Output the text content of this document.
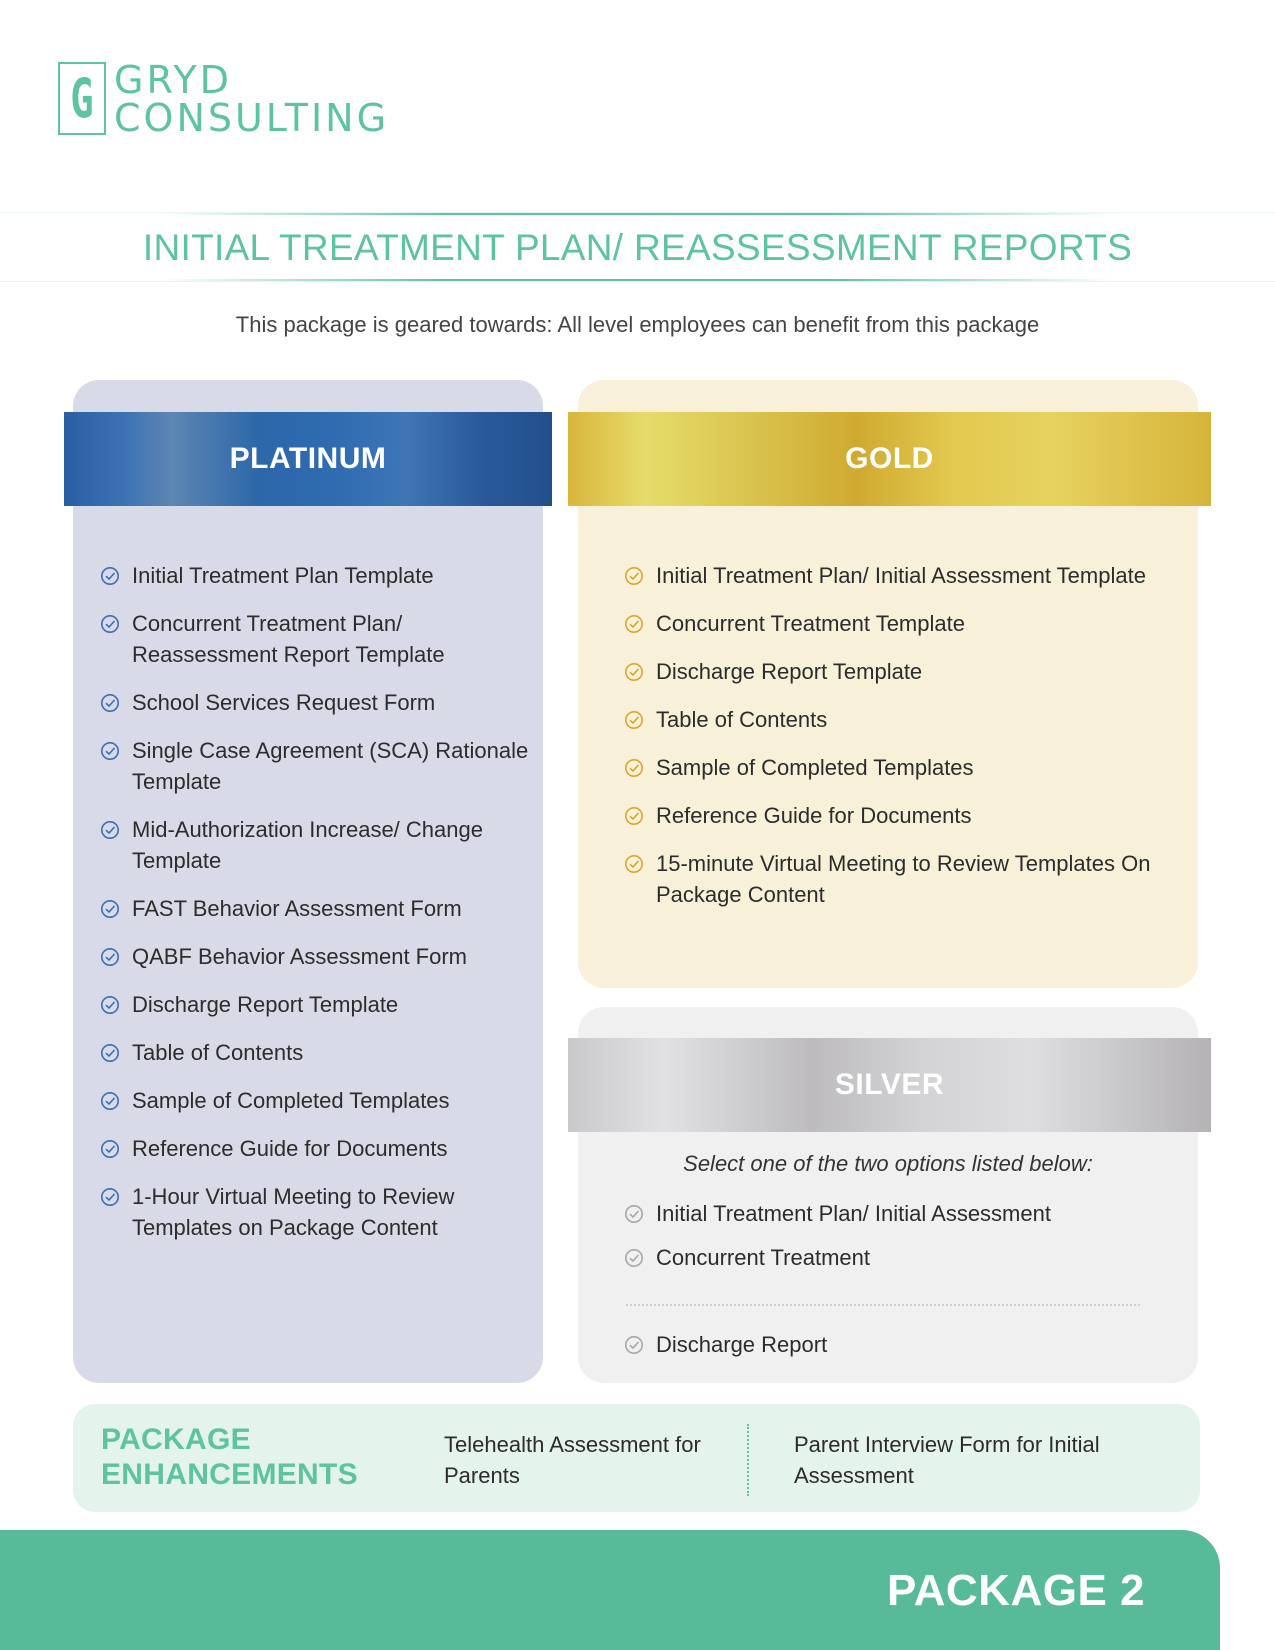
G GRYD
CONSULTING
INITIAL TREATMENT PLAN/ REASSESSMENT REPORTS
This package is geared towards: All level employees can benefit from this package
PLATINUM	GOLD
SILVER
Initial Treatment Plan Template
Concurrent Treatment Plan/ Reassessment Report Template
School Services Request Form
Single Case Agreement (SCA) Rationale Template
Mid-Authorization Increase/ Change Template
FAST Behavior Assessment Form
QABF Behavior Assessment Form
Discharge Report Template
Table of Contents
Sample of Completed Templates
Reference Guide for Documents
1-Hour Virtual Meeting to Review Templates on Package Content
Initial Treatment Plan/ Initial Assessment Template
Concurrent Treatment Template
Discharge Report Template
Table of Contents
Sample of Completed Templates
Reference Guide for Documents
15-minute Virtual Meeting to Review Templates On Package Content
Select one of the two options listed below:
Initial Treatment Plan/ Initial Assessment
Concurrent Treatment
Discharge Report
PACKAGE
ENHANCEMENTS
Telehealth Assessment for Parents
Parent Interview Form for Initial Assessment
PACKAGE 2
